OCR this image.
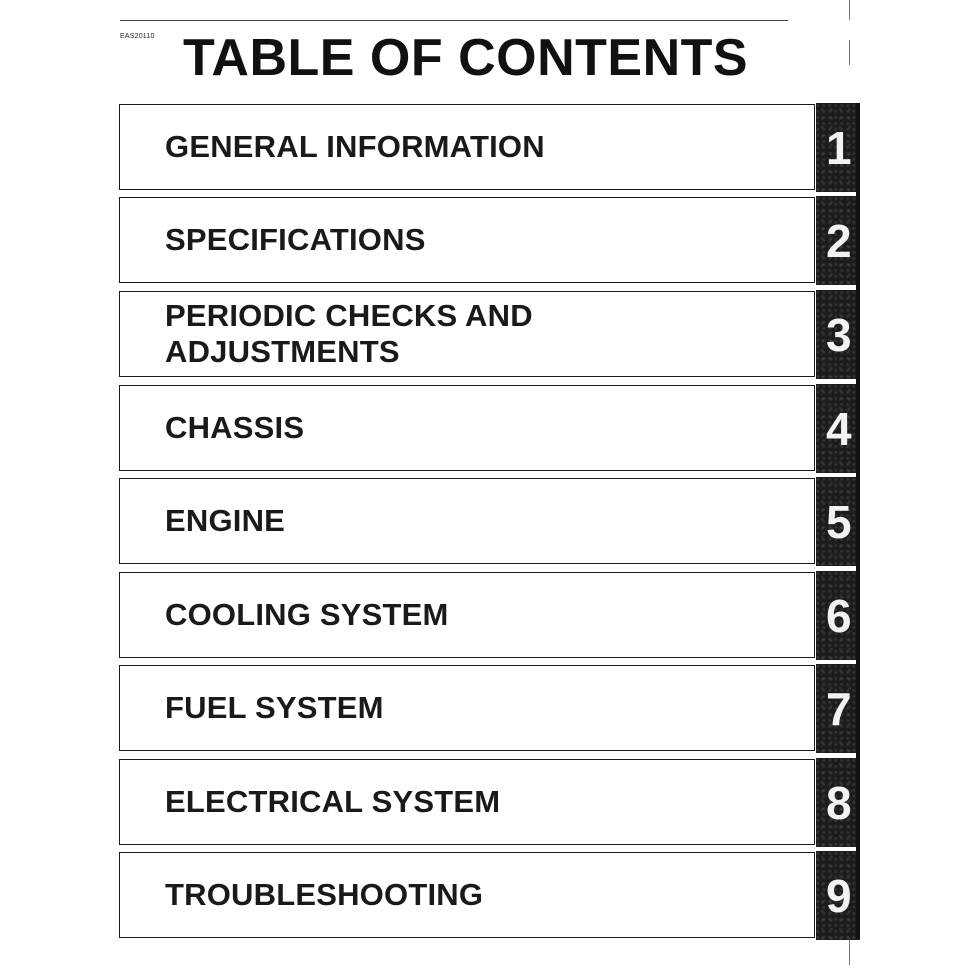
EAS20110 TABLE OF CONTENTS
GENERAL INFORMATION	1
SPECIFICATIONS	2
PERIODIC CHECKS AND
ADJUSTMENTS	3
CHASSIS	4
ENGINE	5
COOLING SYSTEM	6
FUEL SYSTEM	7
ELECTRICAL SYSTEM	8
TROUBLESHOOTING	9
